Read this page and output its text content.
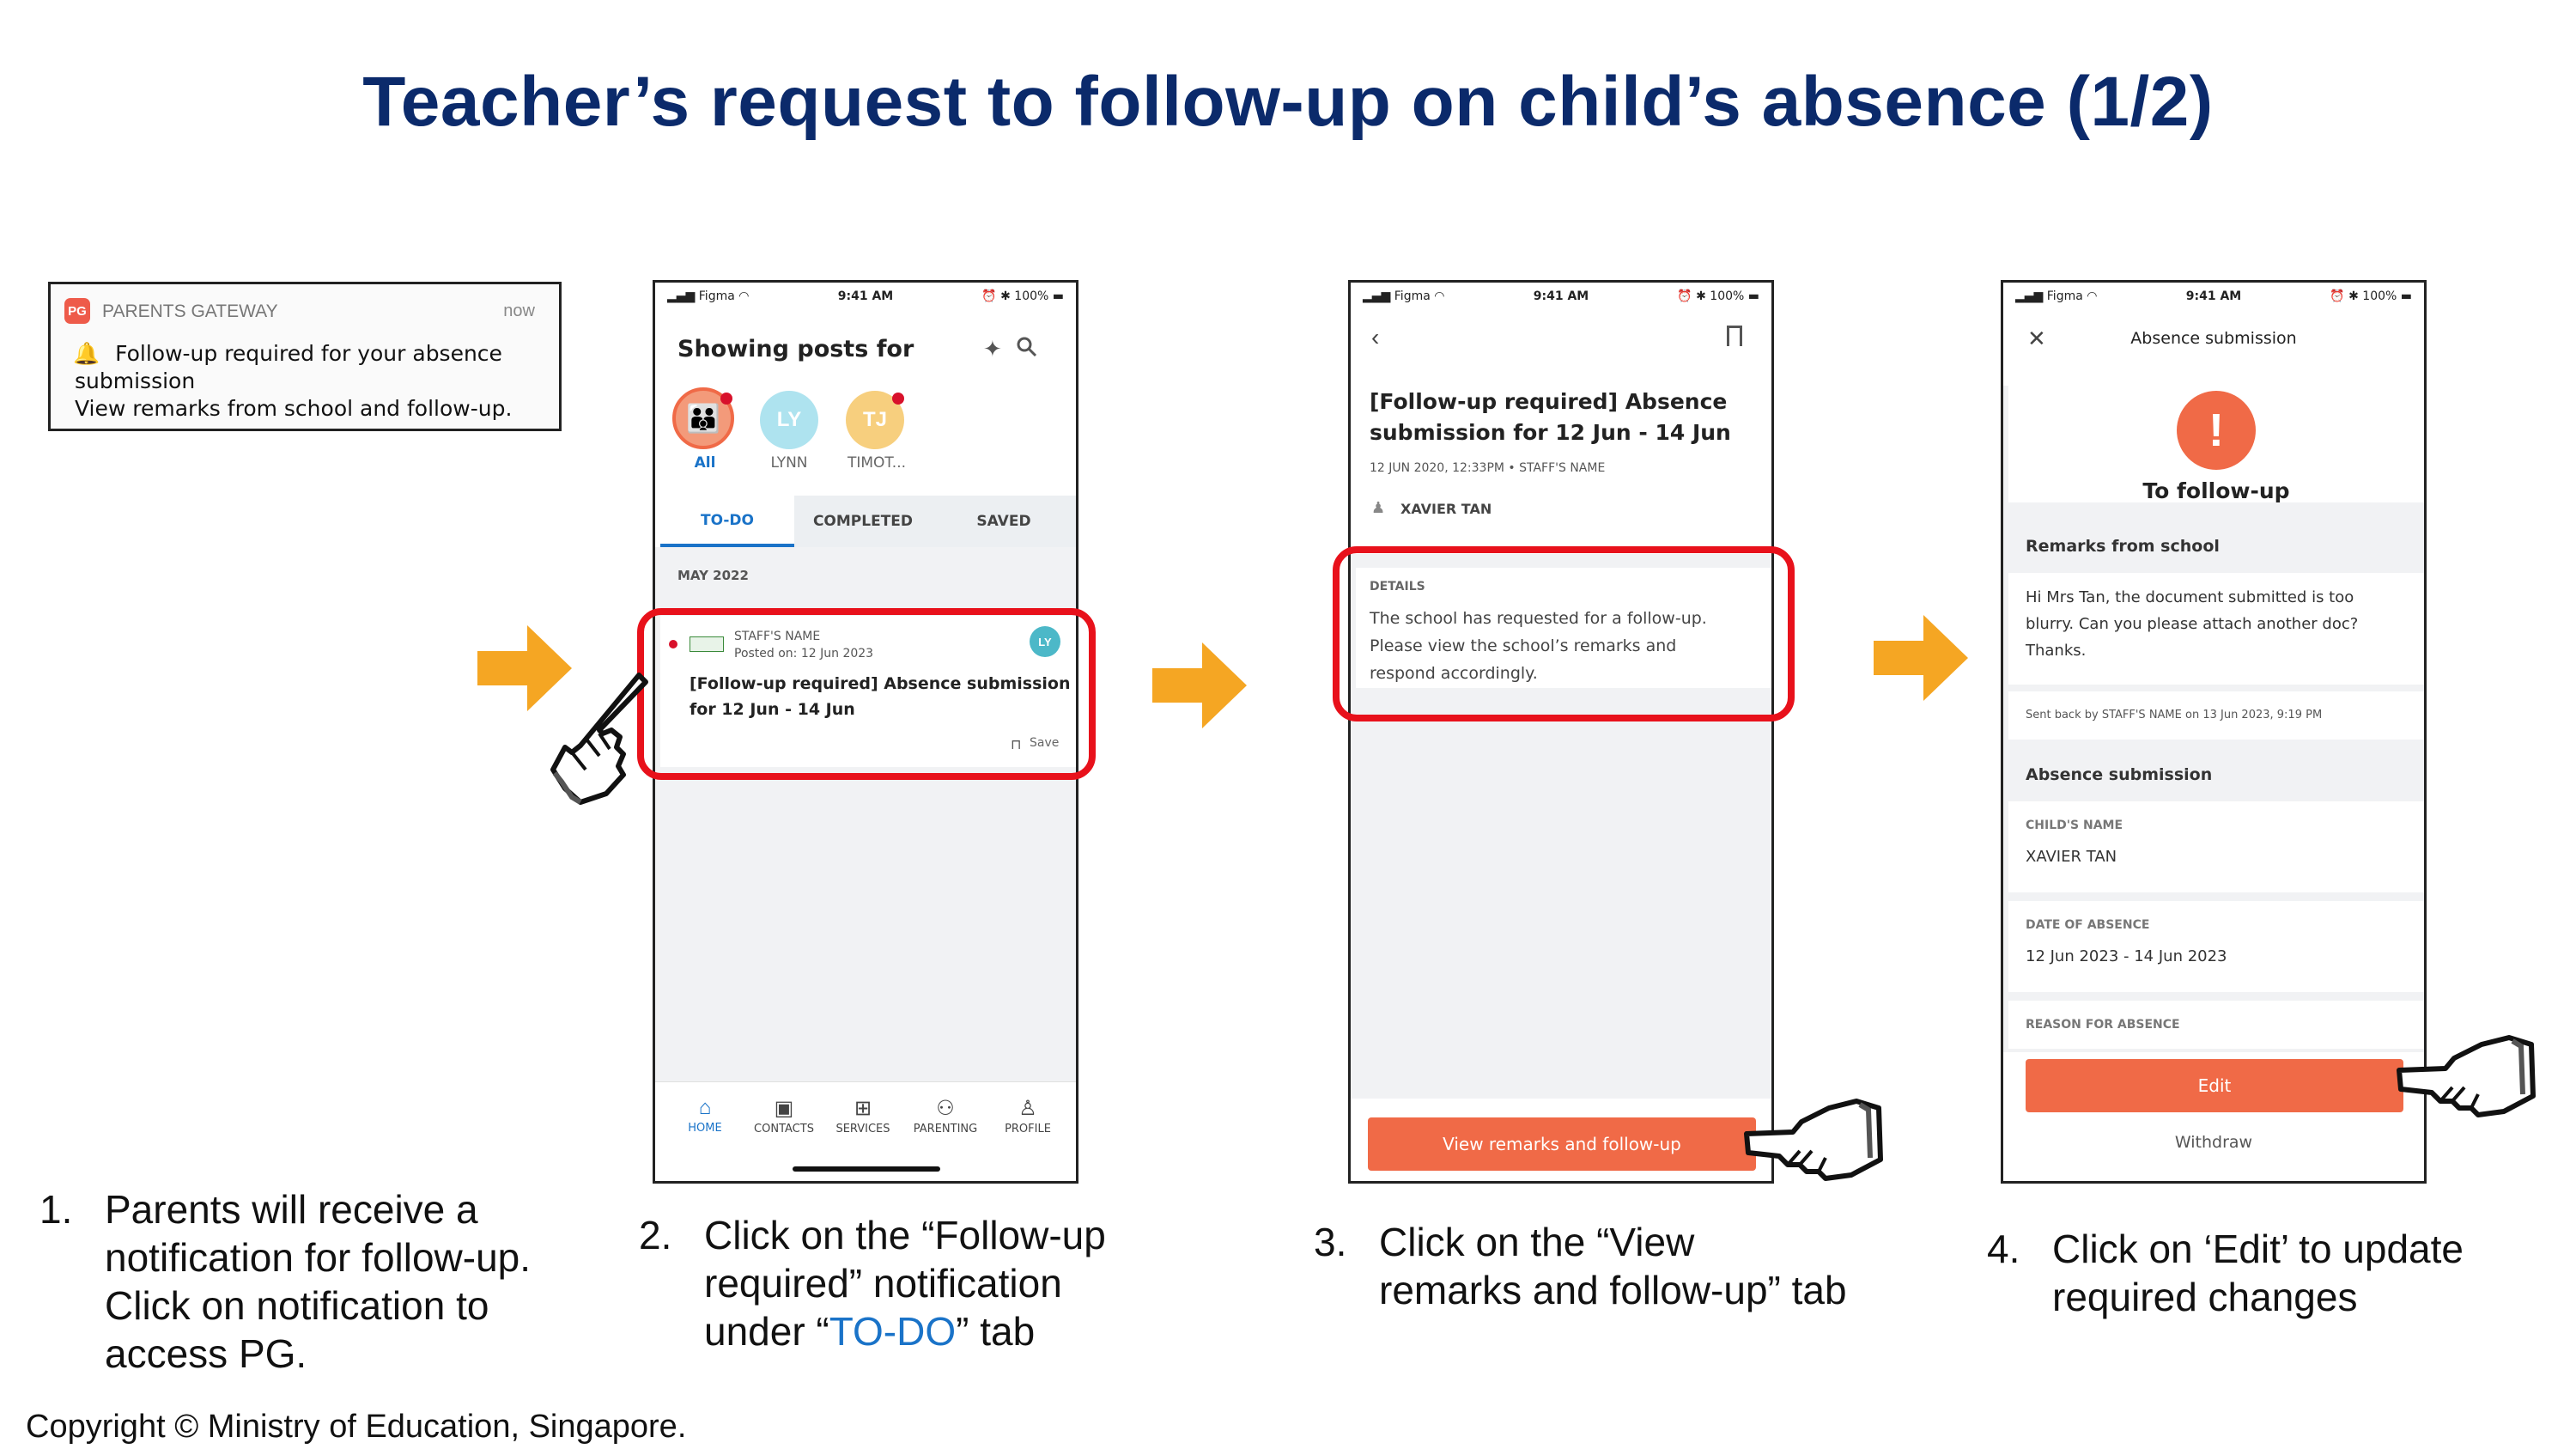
Teacher’s request to follow-up on child’s absence (1/2)
PG PARENTS GATEWAY	now
🔔 Follow-up required for your absence
submission
View remarks from school and follow-up.
▂▄▆ Figma ◠	9:41 AM	⏰ ✱ 100% ▬
Showing posts for	✦
👪
All
LY
LYNN
TJ
TIMOT...
TO-DO	COMPLETED	SAVED
MAY 2022
STAFF'S NAME
Posted on: 12 Jun 2023
LY
[Follow-up required] Absence submission
for 12 Jun - 14 Jun
⊓ Save
⌂
HOME
▣
CONTACTS
⊞
SERVICES
⚇
PARENTING
♙
PROFILE
▂▄▆ Figma ◠	9:41 AM	⏰ ✱ 100% ▬
‹
[Follow-up required] Absence
submission for 12 Jun - 14 Jun
12 JUN 2020, 12:33PM • STAFF'S NAME
♟ XAVIER TAN
DETAILS
The school has requested for a follow-up.
Please view the school’s remarks and
respond accordingly.
View remarks and follow-up
▂▄▆ Figma ◠	9:41 AM	⏰ ✱ 100% ▬
✕	Absence submission
!
To follow-up
Remarks from school
Hi Mrs Tan, the document submitted is too
blurry. Can you please attach another doc?
Thanks.
Sent back by STAFF'S NAME on 13 Jun 2023, 9:19 PM
Absence submission
CHILD'S NAME
XAVIER TAN
DATE OF ABSENCE
12 Jun 2023 - 14 Jun 2023
REASON FOR ABSENCE
Edit
Withdraw
1. Parents will receive a
notification for follow-up.
Click on notification to
access PG.
2. Click on the “Follow-up
required” notification
under “TO-DO” tab
3. Click on the “View
remarks and follow-up” tab
4. Click on ‘Edit’ to update
required changes
Copyright © Ministry of Education, Singapore.
